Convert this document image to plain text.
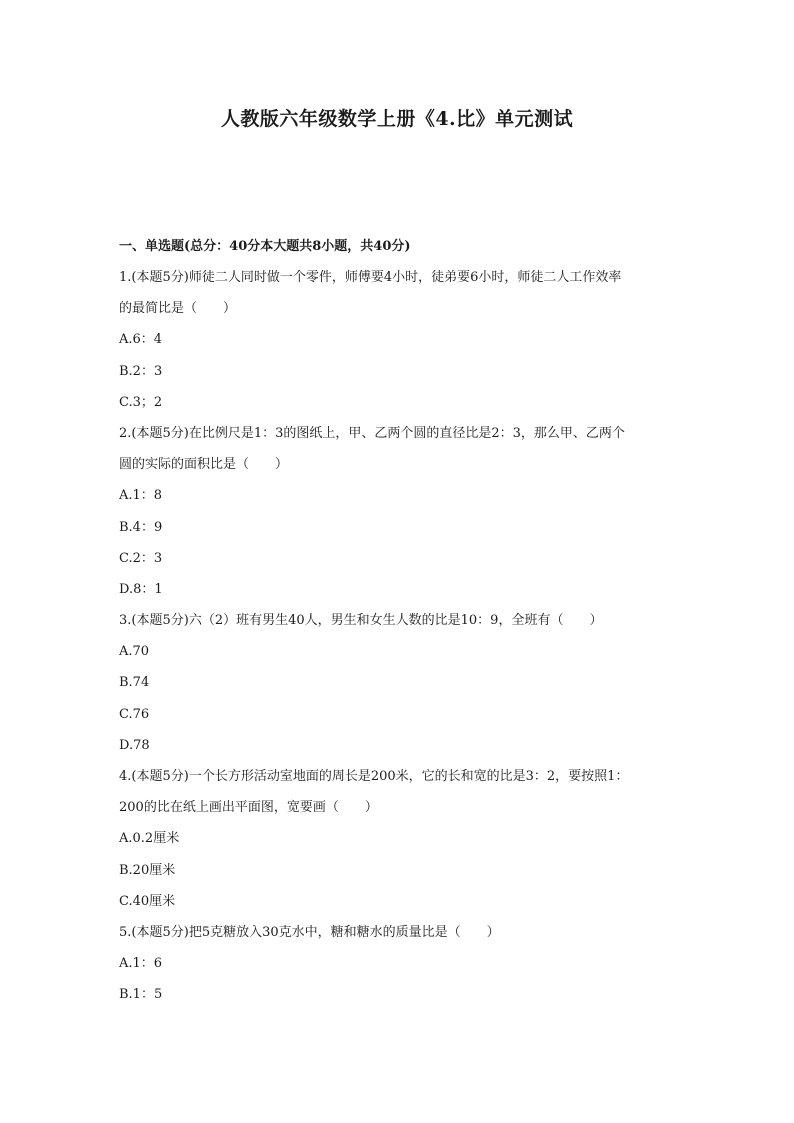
人教版六年级数学上册《4.比》单元测试
一、单选题(总分：40分本大题共8小题，共40分)
1.(本题5分)师徒二人同时做一个零件，师傅要4小时，徒弟要6小时，师徒二人工作效率
的最简比是（　　）
A.6：4
B.2：3
C.3；2
2.(本题5分)在比例尺是1：3的图纸上，甲、乙两个圆的直径比是2：3，那么甲、乙两个
圆的实际的面积比是（　　）
A.1：8
B.4：9
C.2：3
D.8：1
3.(本题5分)六（2）班有男生40人，男生和女生人数的比是10：9，全班有（　　）
A.70
B.74
C.76
D.78
4.(本题5分)一个长方形活动室地面的周长是200米，它的长和宽的比是3：2，要按照1：
200的比在纸上画出平面图，宽要画（　　）
A.0.2厘米
B.20厘米
C.40厘米
5.(本题5分)把5克糖放入30克水中，糖和糖水的质量比是（　　）
A.1：6
B.1：5
